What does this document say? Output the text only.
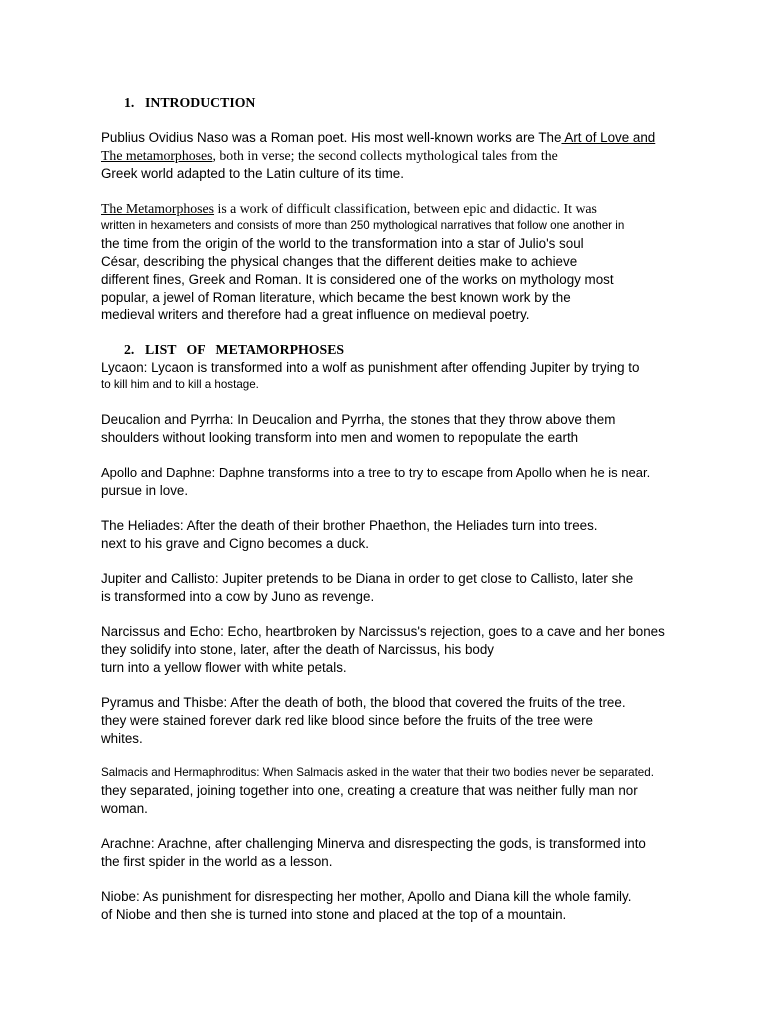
1. INTRODUCTION
Publius Ovidius Naso was a Roman poet. His most well-known works are The Art of Love and
The metamorphoses, both in verse; the second collects mythological tales from the
Greek world adapted to the Latin culture of its time.
The Metamorphoses is a work of difficult classification, between epic and didactic. It was
written in hexameters and consists of more than 250 mythological narratives that follow one another in
the time from the origin of the world to the transformation into a star of Julio's soul
César, describing the physical changes that the different deities make to achieve
different fines, Greek and Roman. It is considered one of the works on mythology most
popular, a jewel of Roman literature, which became the best known work by the
medieval writers and therefore had a great influence on medieval poetry.
2. LIST   OF   METAMORPHOSES
Lycaon: Lycaon is transformed into a wolf as punishment after offending Jupiter by trying to
to kill him and to kill a hostage.
Deucalion and Pyrrha: In Deucalion and Pyrrha, the stones that they throw above them
shoulders without looking transform into men and women to repopulate the earth
Apollo and Daphne: Daphne transforms into a tree to try to escape from Apollo when he is near.
pursue in love.
The Heliades: After the death of their brother Phaethon, the Heliades turn into trees.
next to his grave and Cigno becomes a duck.
Jupiter and Callisto: Jupiter pretends to be Diana in order to get close to Callisto, later she
is transformed into a cow by Juno as revenge.
Narcissus and Echo: Echo, heartbroken by Narcissus's rejection, goes to a cave and her bones
they solidify into stone, later, after the death of Narcissus, his body
turn into a yellow flower with white petals.
Pyramus and Thisbe: After the death of both, the blood that covered the fruits of the tree.
they were stained forever dark red like blood since before the fruits of the tree were
whites.
Salmacis and Hermaphroditus: When Salmacis asked in the water that their two bodies never be separated.
they separated, joining together into one, creating a creature that was neither fully man nor
woman.
Arachne: Arachne, after challenging Minerva and disrespecting the gods, is transformed into
the first spider in the world as a lesson.
Niobe: As punishment for disrespecting her mother, Apollo and Diana kill the whole family.
of Niobe and then she is turned into stone and placed at the top of a mountain.
